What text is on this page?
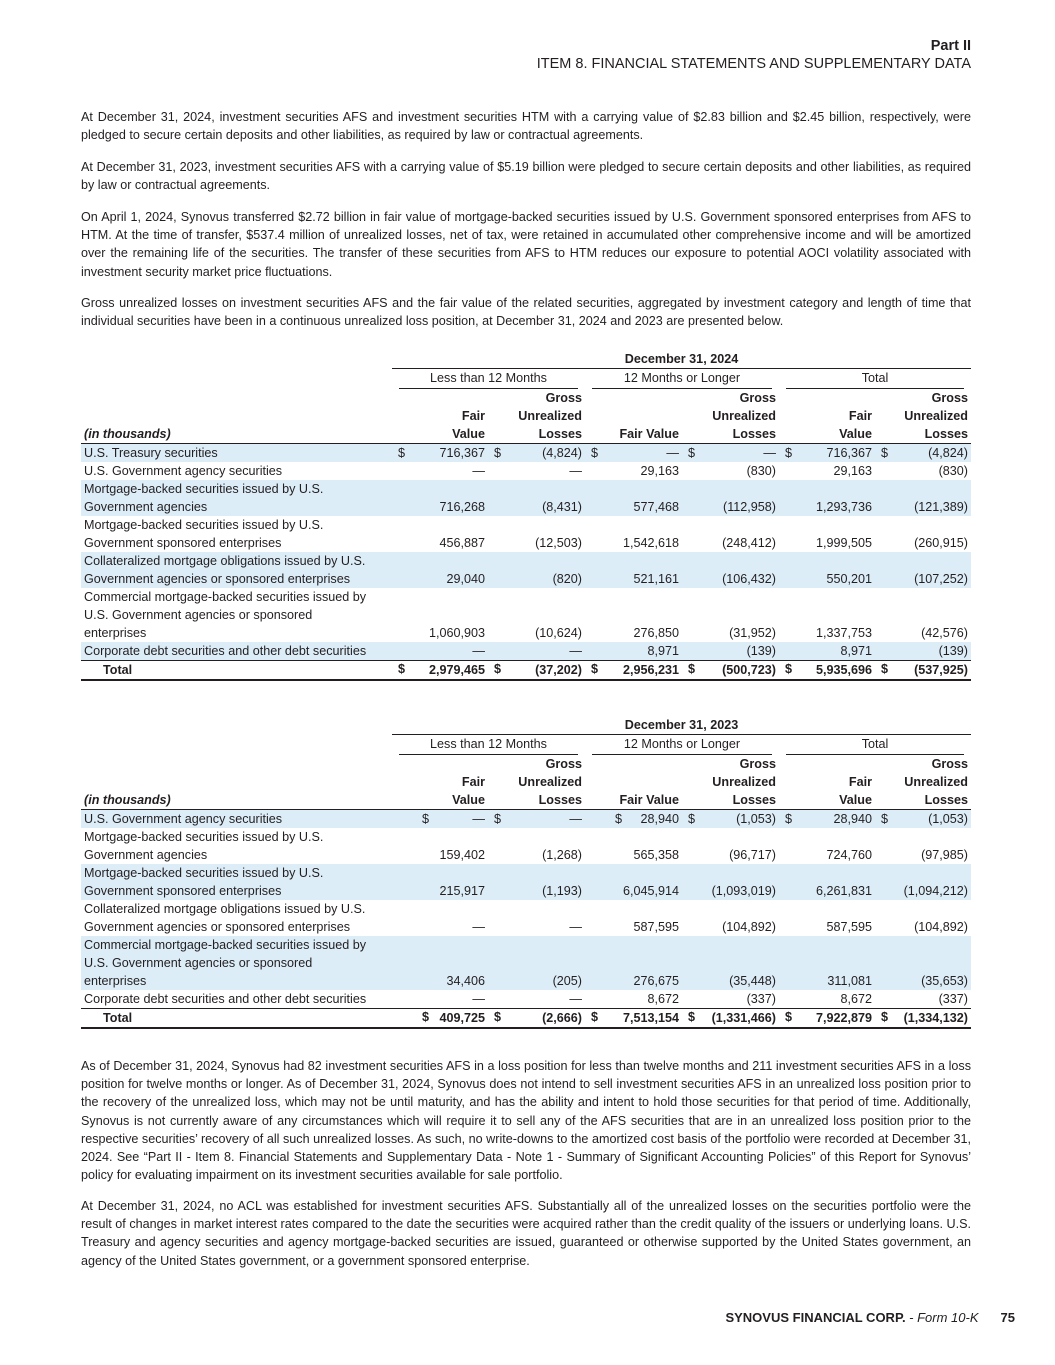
Part II
ITEM 8. FINANCIAL STATEMENTS AND SUPPLEMENTARY DATA

At December 31, 2024, investment securities AFS and investment securities HTM with a carrying value of $2.83 billion and $2.45 billion, respectively, were pledged to secure certain deposits and other liabilities, as required by law or contractual agreements.

At December 31, 2023, investment securities AFS with a carrying value of $5.19 billion were pledged to secure certain deposits and other liabilities, as required by law or contractual agreements.

On April 1, 2024, Synovus transferred $2.72 billion in fair value of mortgage-backed securities issued by U.S. Government sponsored enterprises from AFS to HTM. At the time of transfer, $537.4 million of unrealized losses, net of tax, were retained in accumulated other comprehensive income and will be amortized over the remaining life of the securities. The transfer of these securities from AFS to HTM reduces our exposure to potential AOCI volatility associated with investment security market price fluctuations.

Gross unrealized losses on investment securities AFS and the fair value of the related securities, aggregated by investment category and length of time that individual securities have been in a continuous unrealized loss position, at December 31, 2024 and 2023 are presented below.

	December 31, 2024					

	Less than 12 Months		12 Months or Longer		Total	

(in thousands)	Fair Value	Gross Unrealized Losses	Fair Value	Gross Unrealized Losses	Fair Value	Gross Unrealized Losses

U.S. Treasury securities	$ 716,367	$ (4,824)	$ —	$ —	$ 716,367	$ (4,824)
U.S. Government agency securities	—	—	29,163	(830)	29,163	(830)
Mortgage-backed securities issued by U.S. Government agencies	716,268	(8,431)	577,468	(112,958)	1,293,736	(121,389)
Mortgage-backed securities issued by U.S. Government sponsored enterprises	456,887	(12,503)	1,542,618	(248,412)	1,999,505	(260,915)
Collateralized mortgage obligations issued by U.S. Government agencies or sponsored enterprises	29,040	(820)	521,161	(106,432)	550,201	(107,252)
Commercial mortgage-backed securities issued by U.S. Government agencies or sponsored enterprises	1,060,903	(10,624)	276,850	(31,952)	1,337,753	(42,576)
Corporate debt securities and other debt securities	—	—	8,971	(139)	8,971	(139)
Total	$ 2,979,465	$ (37,202)	$ 2,956,231	$ (500,723)	$ 5,935,696	$ (537,925)
	December 31, 2023					

	Less than 12 Months		12 Months or Longer		Total	

(in thousands)	Fair Value	Gross Unrealized Losses	Fair Value	Gross Unrealized Losses	Fair Value	Gross Unrealized Losses

U.S. Government agency securities	$ —	$ —	$ 28,940	$ (1,053)	$ 28,940	$ (1,053)
Mortgage-backed securities issued by U.S. Government agencies	159,402	(1,268)	565,358	(96,717)	724,760	(97,985)
Mortgage-backed securities issued by U.S. Government sponsored enterprises	215,917	(1,193)	6,045,914	(1,093,019)	6,261,831	(1,094,212)
Collateralized mortgage obligations issued by U.S. Government agencies or sponsored enterprises	—	—	587,595	(104,892)	587,595	(104,892)
Commercial mortgage-backed securities issued by U.S. Government agencies or sponsored enterprises	34,406	(205)	276,675	(35,448)	311,081	(35,653)
Corporate debt securities and other debt securities	—	—	8,672	(337)	8,672	(337)
Total	$ 409,725	$ (2,666)	$ 7,513,154	$ (1,331,466)	$ 7,922,879	$ (1,334,132)

As of December 31, 2024, Synovus had 82 investment securities AFS in a loss position for less than twelve months and 211 investment securities AFS in a loss position for twelve months or longer. As of December 31, 2024, Synovus does not intend to sell investment securities AFS in an unrealized loss position prior to the recovery of the unrealized loss, which may not be until maturity, and has the ability and intent to hold those securities for that period of time. Additionally, Synovus is not currently aware of any circumstances which will require it to sell any of the AFS securities that are in an unrealized loss position prior to the respective securities’ recovery of all such unrealized losses. As such, no write-downs to the amortized cost basis of the portfolio were recorded at December 31, 2024. See “Part II - Item 8. Financial Statements and Supplementary Data - Note 1 - Summary of Significant Accounting Policies” of this Report for Synovus’ policy for evaluating impairment on its investment securities available for sale portfolio.

At December 31, 2024, no ACL was established for investment securities AFS. Substantially all of the unrealized losses on the securities portfolio were the result of changes in market interest rates compared to the date the securities were acquired rather than the credit quality of the issuers or underlying loans. U.S. Treasury and agency securities and agency mortgage-backed securities are issued, guaranteed or otherwise supported by the United States government, an agency of the United States government, or a government sponsored enterprise.

SYNOVUS FINANCIAL CORP. - Form 10-K 75
